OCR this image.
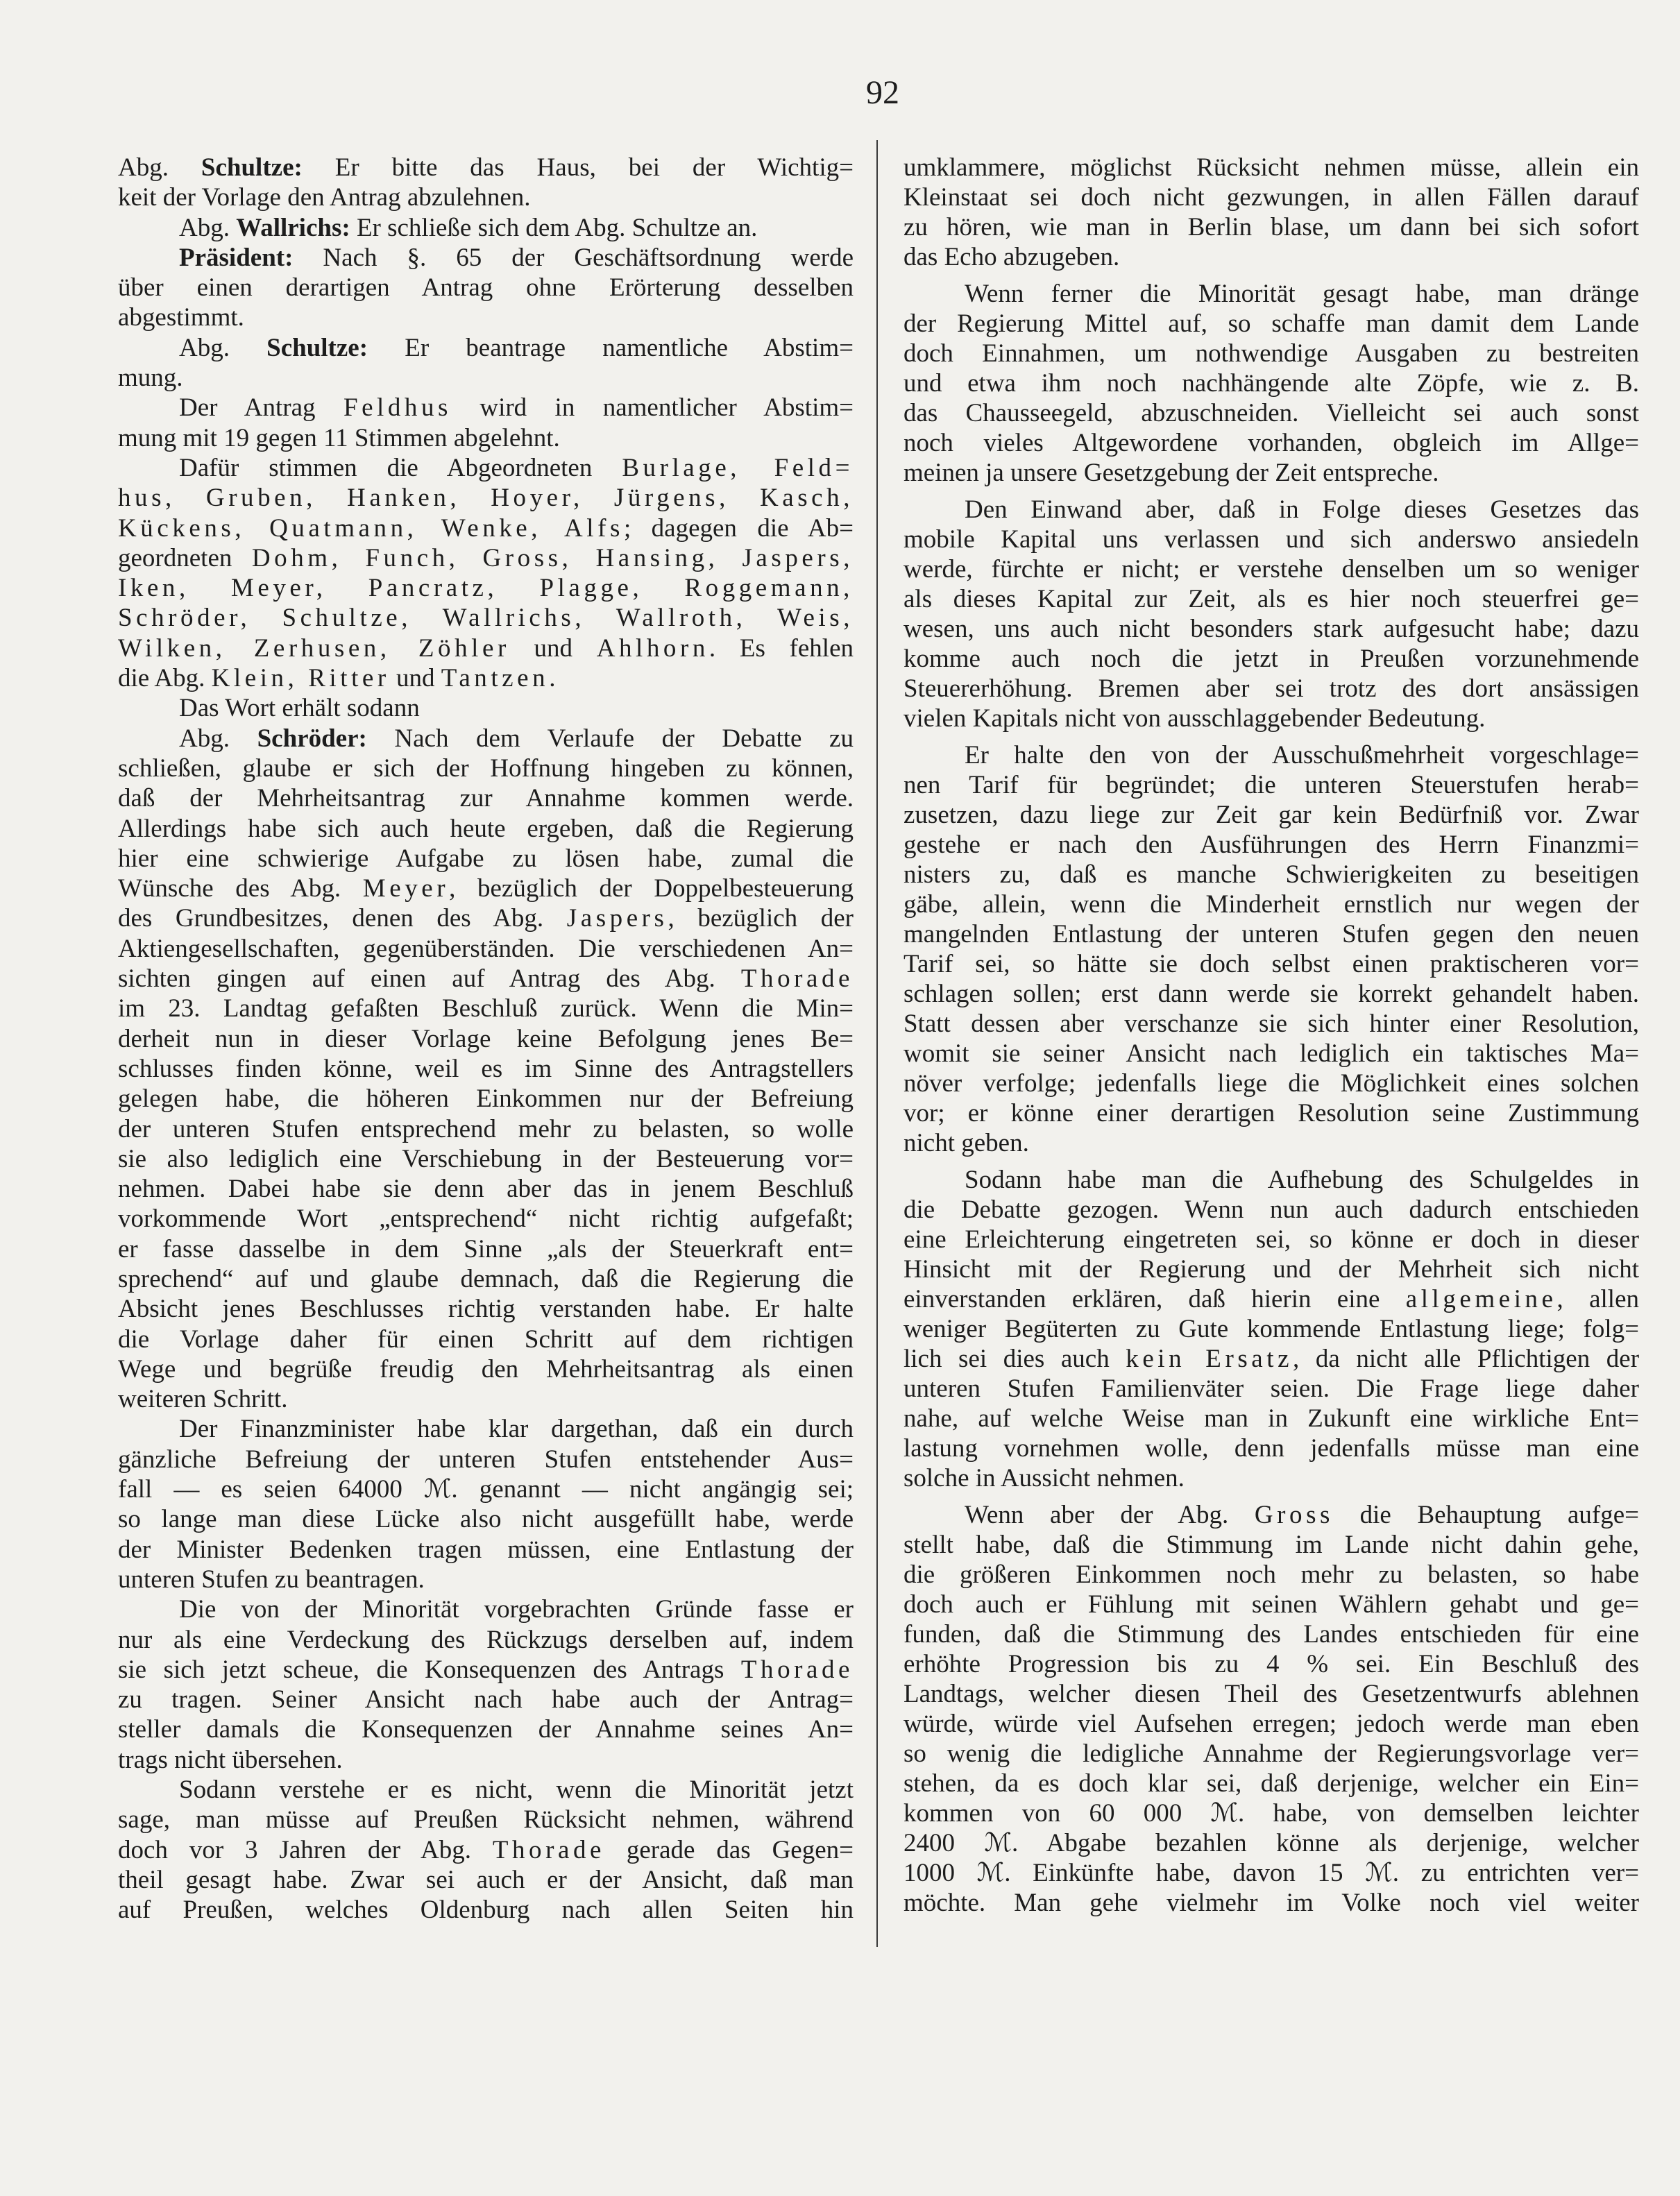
92
Abg. Schultze: Er bitte das Haus, bei der Wichtig=
keit der Vorlage den Antrag abzulehnen.
Abg. Wallrichs: Er schließe sich dem Abg. Schultze an.
Präsident: Nach §. 65 der Geschäftsordnung werde
über einen derartigen Antrag ohne Erörterung desselben
abgestimmt.
Abg. Schultze: Er beantrage namentliche Abstim=
mung.
Der Antrag Feldhus wird in namentlicher Abstim=
mung mit 19 gegen 11 Stimmen abgelehnt.
Dafür stimmen die Abgeordneten Burlage, Feld=
hus, Gruben, Hanken, Hoyer, Jürgens, Kasch,
Kückens, Quatmann, Wenke, Alfs; dagegen die Ab=
geordneten Dohm, Funch, Gross, Hansing, Jaspers,
Iken, Meyer, Pancratz, Plagge, Roggemann,
Schröder, Schultze, Wallrichs, Wallroth, Weis,
Wilken, Zerhusen, Zöhler und Ahlhorn. Es fehlen
die Abg. Klein, Ritter und Tantzen.
Das Wort erhält sodann
Abg. Schröder: Nach dem Verlaufe der Debatte zu
schließen, glaube er sich der Hoffnung hingeben zu können,
daß der Mehrheitsantrag zur Annahme kommen werde.
Allerdings habe sich auch heute ergeben, daß die Regierung
hier eine schwierige Aufgabe zu lösen habe, zumal die
Wünsche des Abg. Meyer, bezüglich der Doppelbesteuerung
des Grundbesitzes, denen des Abg. Jaspers, bezüglich der
Aktiengesellschaften, gegenüberständen. Die verschiedenen An=
sichten gingen auf einen auf Antrag des Abg. Thorade
im 23. Landtag gefaßten Beschluß zurück. Wenn die Min=
derheit nun in dieser Vorlage keine Befolgung jenes Be=
schlusses finden könne, weil es im Sinne des Antragstellers
gelegen habe, die höheren Einkommen nur der Befreiung
der unteren Stufen entsprechend mehr zu belasten, so wolle
sie also lediglich eine Verschiebung in der Besteuerung vor=
nehmen. Dabei habe sie denn aber das in jenem Beschluß
vorkommende Wort „entsprechend“ nicht richtig aufgefaßt;
er fasse dasselbe in dem Sinne „als der Steuerkraft ent=
sprechend“ auf und glaube demnach, daß die Regierung die
Absicht jenes Beschlusses richtig verstanden habe. Er halte
die Vorlage daher für einen Schritt auf dem richtigen
Wege und begrüße freudig den Mehrheitsantrag als einen
weiteren Schritt.
Der Finanzminister habe klar dargethan, daß ein durch
gänzliche Befreiung der unteren Stufen entstehender Aus=
fall — es seien 64000 ℳ. genannt — nicht angängig sei;
so lange man diese Lücke also nicht ausgefüllt habe, werde
der Minister Bedenken tragen müssen, eine Entlastung der
unteren Stufen zu beantragen.
Die von der Minorität vorgebrachten Gründe fasse er
nur als eine Verdeckung des Rückzugs derselben auf, indem
sie sich jetzt scheue, die Konsequenzen des Antrags Thorade
zu tragen. Seiner Ansicht nach habe auch der Antrag=
steller damals die Konsequenzen der Annahme seines An=
trags nicht übersehen.
Sodann verstehe er es nicht, wenn die Minorität jetzt
sage, man müsse auf Preußen Rücksicht nehmen, während
doch vor 3 Jahren der Abg. Thorade gerade das Gegen=
theil gesagt habe. Zwar sei auch er der Ansicht, daß man
auf Preußen, welches Oldenburg nach allen Seiten hin
umklammere, möglichst Rücksicht nehmen müsse, allein ein
Kleinstaat sei doch nicht gezwungen, in allen Fällen darauf
zu hören, wie man in Berlin blase, um dann bei sich sofort
das Echo abzugeben.
Wenn ferner die Minorität gesagt habe, man dränge
der Regierung Mittel auf, so schaffe man damit dem Lande
doch Einnahmen, um nothwendige Ausgaben zu bestreiten
und etwa ihm noch nachhängende alte Zöpfe, wie z. B.
das Chausseegeld, abzuschneiden. Vielleicht sei auch sonst
noch vieles Altgewordene vorhanden, obgleich im Allge=
meinen ja unsere Gesetzgebung der Zeit entspreche.
Den Einwand aber, daß in Folge dieses Gesetzes das
mobile Kapital uns verlassen und sich anderswo ansiedeln
werde, fürchte er nicht; er verstehe denselben um so weniger
als dieses Kapital zur Zeit, als es hier noch steuerfrei ge=
wesen, uns auch nicht besonders stark aufgesucht habe; dazu
komme auch noch die jetzt in Preußen vorzunehmende
Steuererhöhung. Bremen aber sei trotz des dort ansässigen
vielen Kapitals nicht von ausschlaggebender Bedeutung.
Er halte den von der Ausschußmehrheit vorgeschlage=
nen Tarif für begründet; die unteren Steuerstufen herab=
zusetzen, dazu liege zur Zeit gar kein Bedürfniß vor. Zwar
gestehe er nach den Ausführungen des Herrn Finanzmi=
nisters zu, daß es manche Schwierigkeiten zu beseitigen
gäbe, allein, wenn die Minderheit ernstlich nur wegen der
mangelnden Entlastung der unteren Stufen gegen den neuen
Tarif sei, so hätte sie doch selbst einen praktischeren vor=
schlagen sollen; erst dann werde sie korrekt gehandelt haben.
Statt dessen aber verschanze sie sich hinter einer Resolution,
womit sie seiner Ansicht nach lediglich ein taktisches Ma=
növer verfolge; jedenfalls liege die Möglichkeit eines solchen
vor; er könne einer derartigen Resolution seine Zustimmung
nicht geben.
Sodann habe man die Aufhebung des Schulgeldes in
die Debatte gezogen. Wenn nun auch dadurch entschieden
eine Erleichterung eingetreten sei, so könne er doch in dieser
Hinsicht mit der Regierung und der Mehrheit sich nicht
einverstanden erklären, daß hierin eine allgemeine, allen
weniger Begüterten zu Gute kommende Entlastung liege; folg=
lich sei dies auch kein Ersatz, da nicht alle Pflichtigen der
unteren Stufen Familienväter seien. Die Frage liege daher
nahe, auf welche Weise man in Zukunft eine wirkliche Ent=
lastung vornehmen wolle, denn jedenfalls müsse man eine
solche in Aussicht nehmen.
Wenn aber der Abg. Gross die Behauptung aufge=
stellt habe, daß die Stimmung im Lande nicht dahin gehe,
die größeren Einkommen noch mehr zu belasten, so habe
doch auch er Fühlung mit seinen Wählern gehabt und ge=
funden, daß die Stimmung des Landes entschieden für eine
erhöhte Progression bis zu 4 % sei. Ein Beschluß des
Landtags, welcher diesen Theil des Gesetzentwurfs ablehnen
würde, würde viel Aufsehen erregen; jedoch werde man eben
so wenig die ledigliche Annahme der Regierungsvorlage ver=
stehen, da es doch klar sei, daß derjenige, welcher ein Ein=
kommen von 60 000 ℳ. habe, von demselben leichter
2400 ℳ. Abgabe bezahlen könne als derjenige, welcher
1000 ℳ. Einkünfte habe, davon 15 ℳ. zu entrichten ver=
möchte. Man gehe vielmehr im Volke noch viel weiter
